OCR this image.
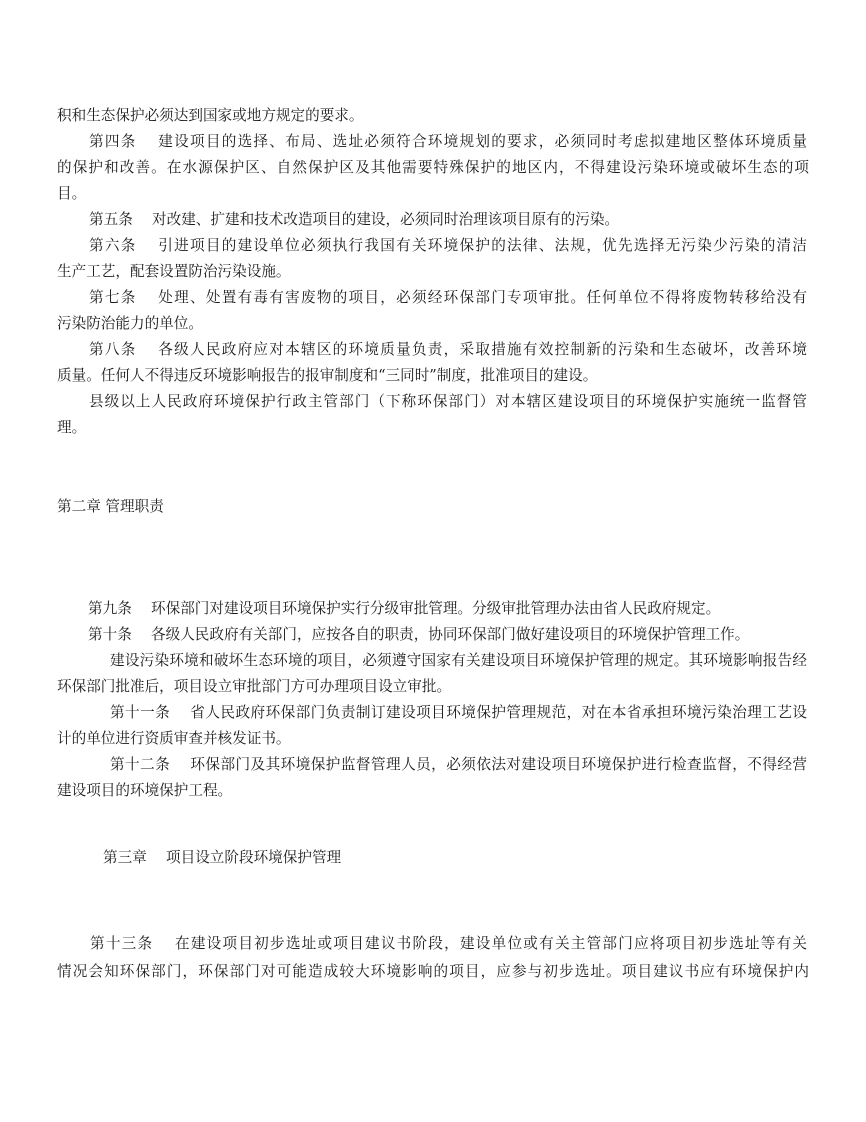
积和生态保护必须达到国家或地方规定的要求。

第四条　 建设项目的选择、布局、选址必须符合环境规划的要求，必须同时考虑拟建地区整体环境质量

的保护和改善。在水源保护区、自然保护区及其他需要特殊保护的地区内，不得建设污染环境或破坏生态的项

目。

第五条　 对改建、扩建和技术改造项目的建设，必须同时治理该项目原有的污染。

第六条　 引进项目的建设单位必须执行我国有关环境保护的法律、法规，优先选择无污染少污染的清洁

生产工艺，配套设置防治污染设施。

第七条　 处理、处置有毒有害废物的项目，必须经环保部门专项审批。任何单位不得将废物转移给没有

污染防治能力的单位。

第八条　 各级人民政府应对本辖区的环境质量负责，采取措施有效控制新的污染和生态破坏，改善环境

质量。任何人不得违反环境影响报告的报审制度和“三同时”制度，批准项目的建设。

县级以上人民政府环境保护行政主管部门（下称环保部门）对本辖区建设项目的环境保护实施统一监督管

理。

第二章 管理职责

第九条　 环保部门对建设项目环境保护实行分级审批管理。分级审批管理办法由省人民政府规定。

第十条　 各级人民政府有关部门，应按各自的职责，协同环保部门做好建设项目的环境保护管理工作。

建设污染环境和破坏生态环境的项目，必须遵守国家有关建设项目环境保护管理的规定。其环境影响报告经

环保部门批准后，项目设立审批部门方可办理项目设立审批。

第十一条　 省人民政府环保部门负责制订建设项目环境保护管理规范，对在本省承担环境污染治理工艺设

计的单位进行资质审查并核发证书。

第十二条　 环保部门及其环境保护监督管理人员，必须依法对建设项目环境保护进行检查监督，不得经营

建设项目的环境保护工程。

第三章　 项目设立阶段环境保护管理

第十三条　 在建设项目初步选址或项目建议书阶段，建设单位或有关主管部门应将项目初步选址等有关

情况会知环保部门，环保部门对可能造成较大环境影响的项目，应参与初步选址。项目建议书应有环境保护内
